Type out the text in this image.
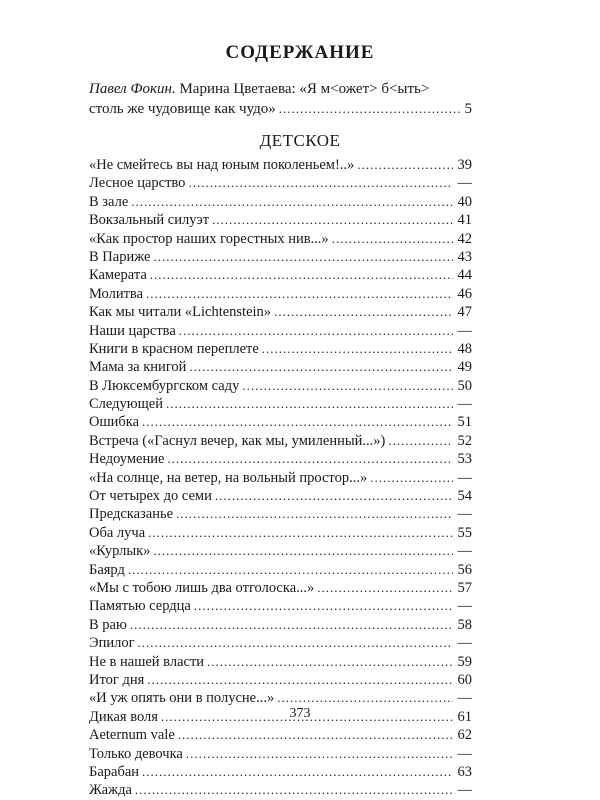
СОДЕРЖАНИЕ
Павел Фокин. Марина Цветаева: «Я м<ожет> б<ыть>
столь же чудовище как чудо» .....	5
ДЕТСКОЕ
«Не смейтесь вы над юным поколеньем!..» .....	39
Лесное царство .....	—
В зале .....	40
Вокзальный силуэт .....	41
«Как простор наших горестных нив...» .....	42
В Париже .....	43
Камерата .....	44
Молитва .....	46
Как мы читали «Lichtenstein» .....	47
Наши царства .....	—
Книги в красном переплете .....	48
Мама за книгой .....	49
В Люксембургском саду .....	50
Следующей .....	—
Ошибка .....	51
Встреча («Гаснул вечер, как мы, умиленный...») .....	52
Недоумение .....	53
«На солнце, на ветер, на вольный простор...» .....	—
От четырех до семи .....	54
Предсказанье .....	—
Оба луча .....	55
«Курлык» .....	—
Баярд .....	56
«Мы с тобою лишь два отголоска...» .....	57
Памятью сердца .....	—
В раю .....	58
Эпилог .....	—
Не в нашей власти .....	59
Итог дня .....	60
«И уж опять они в полусне...» .....	—
Дикая воля .....	61
Aeternum vale .....	62
Только девочка .....	—
Барабан .....	63
Жажда .....	—
373
